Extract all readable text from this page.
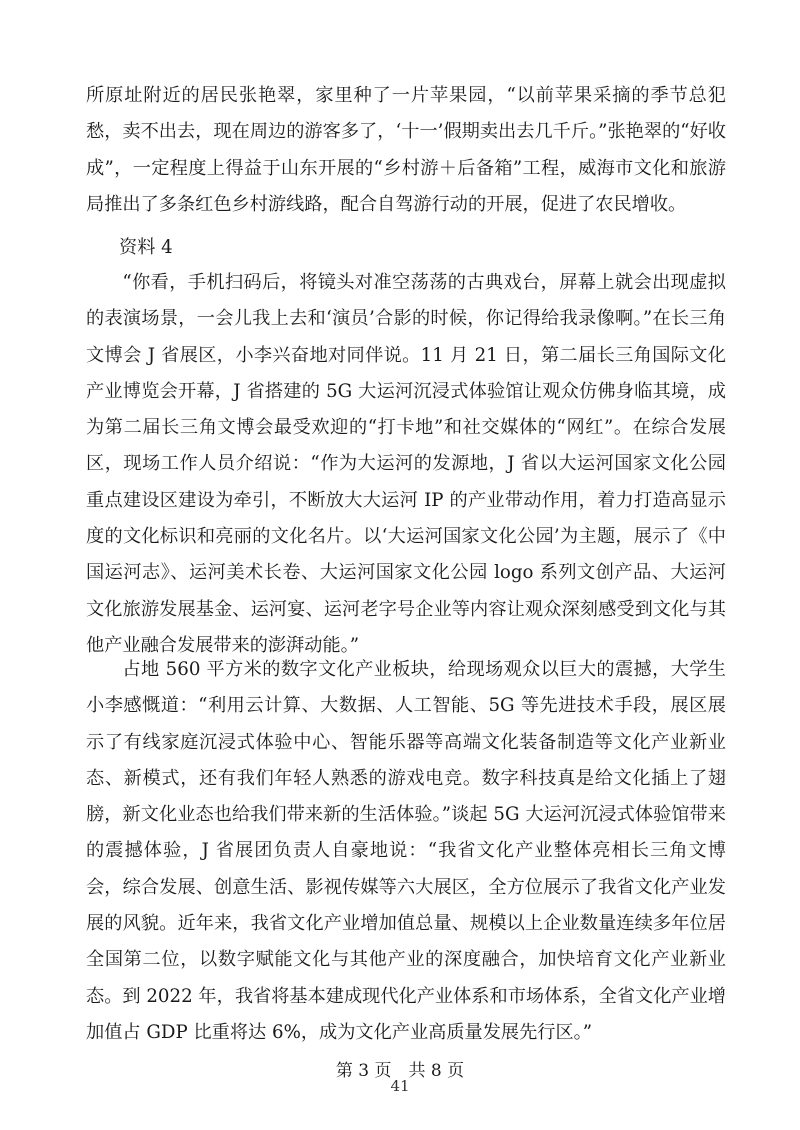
所原址附近的居民张艳翠，家里种了一片苹果园，“以前苹果采摘的季节总犯愁，卖不出去，现在周边的游客多了，‘十一’假期卖出去几千斤。”张艳翠的“好收成”，一定程度上得益于山东开展的“乡村游＋后备箱”工程，威海市文化和旅游局推出了多条红色乡村游线路，配合自驾游行动的开展，促进了农民增收。

资料 4

“你看，手机扫码后，将镜头对准空荡荡的古典戏台，屏幕上就会出现虚拟的表演场景，一会儿我上去和‘演员’合影的时候，你记得给我录像啊。”在长三角文博会 J 省展区，小李兴奋地对同伴说。11 月 21 日，第二届长三角国际文化产业博览会开幕，J 省搭建的 5G 大运河沉浸式体验馆让观众仿佛身临其境，成为第二届长三角文博会最受欢迎的“打卡地”和社交媒体的“网红”。在综合发展区，现场工作人员介绍说：“作为大运河的发源地，J 省以大运河国家文化公园重点建设区建设为牵引，不断放大大运河 IP 的产业带动作用，着力打造高显示度的文化标识和亮丽的文化名片。以‘大运河国家文化公园’为主题，展示了《中国运河志》、运河美术长卷、大运河国家文化公园 logo 系列文创产品、大运河文化旅游发展基金、运河宴、运河老字号企业等内容让观众深刻感受到文化与其他产业融合发展带来的澎湃动能。”

占地 560 平方米的数字文化产业板块，给现场观众以巨大的震撼，大学生小李感慨道：“利用云计算、大数据、人工智能、5G 等先进技术手段，展区展示了有线家庭沉浸式体验中心、智能乐器等高端文化装备制造等文化产业新业态、新模式，还有我们年轻人熟悉的游戏电竞。数字科技真是给文化插上了翅膀，新文化业态也给我们带来新的生活体验。”谈起 5G 大运河沉浸式体验馆带来的震撼体验，J 省展团负责人自豪地说：“我省文化产业整体亮相长三角文博会，综合发展、创意生活、影视传媒等六大展区，全方位展示了我省文化产业发展的风貌。近年来，我省文化产业增加值总量、规模以上企业数量连续多年位居全国第二位，以数字赋能文化与其他产业的深度融合，加快培育文化产业新业态。到 2022 年，我省将基本建成现代化产业体系和市场体系，全省文化产业增加值占 GDP 比重将达 6%，成为文化产业高质量发展先行区。”

第 3 页　共 8 页
41
